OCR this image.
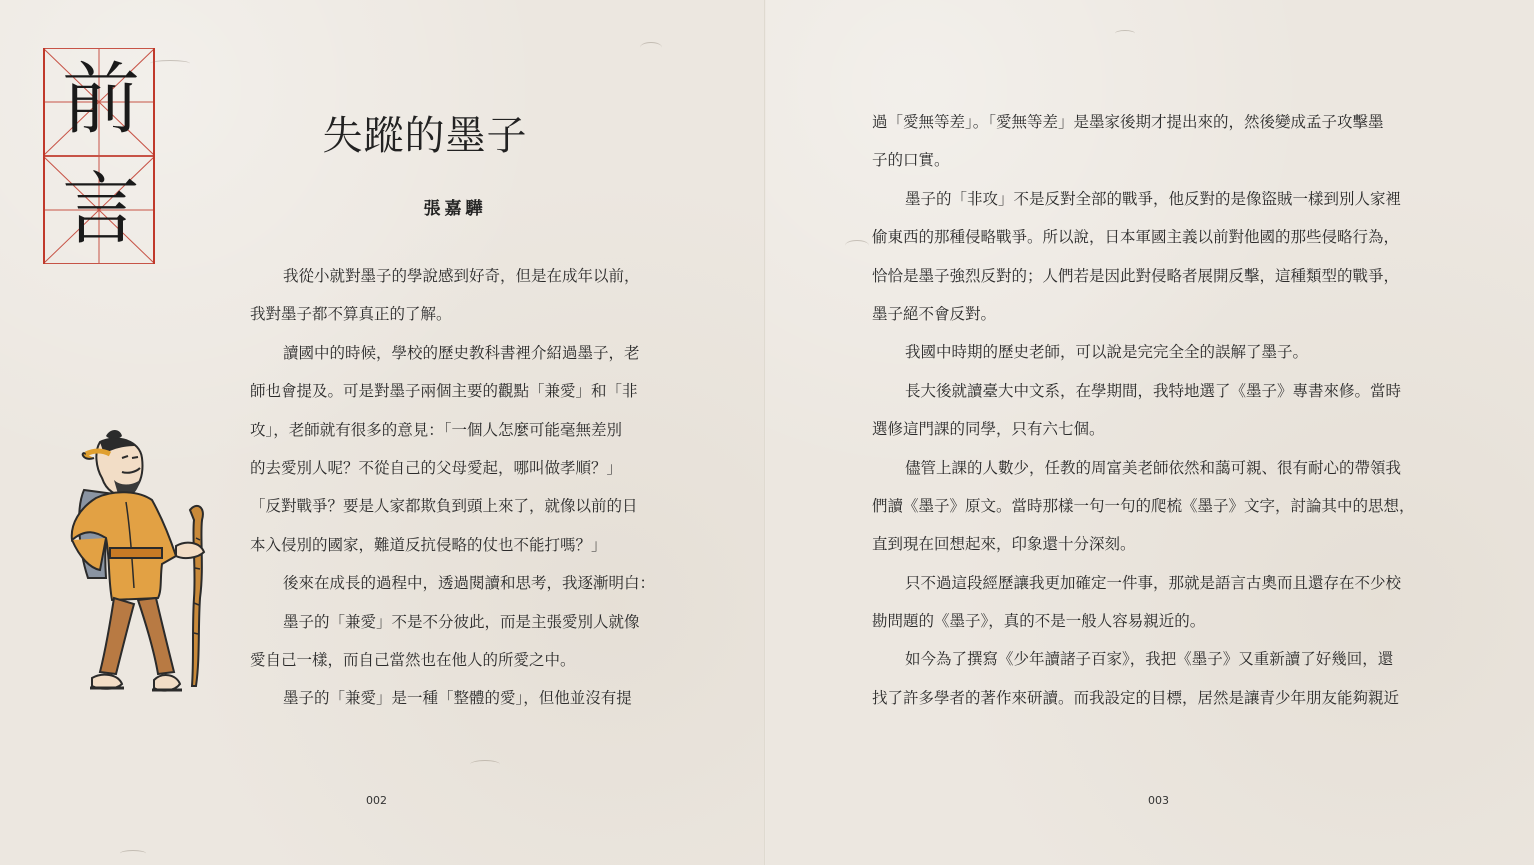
前
言
失蹤的墨子
張嘉驊
我從小就對墨子的學說感到好奇，但是在成年以前，
我對墨子都不算真正的了解。
讀國中的時候，學校的歷史教科書裡介紹過墨子，老
師也會提及。可是對墨子兩個主要的觀點「兼愛」和「非
攻」，老師就有很多的意見：「一個人怎麼可能毫無差別
的去愛別人呢？不從自己的父母愛起，哪叫做孝順？」
「反對戰爭？要是人家都欺負到頭上來了，就像以前的日
本入侵別的國家，難道反抗侵略的仗也不能打嗎？」
後來在成長的過程中，透過閱讀和思考，我逐漸明白：
墨子的「兼愛」不是不分彼此，而是主張愛別人就像
愛自己一樣，而自己當然也在他人的所愛之中。
墨子的「兼愛」是一種「整體的愛」，但他並沒有提
002	003
過「愛無等差」。「愛無等差」是墨家後期才提出來的，然後變成孟子攻擊墨
子的口實。
墨子的「非攻」不是反對全部的戰爭，他反對的是像盜賊一樣到別人家裡
偷東西的那種侵略戰爭。所以說，日本軍國主義以前對他國的那些侵略行為，
恰恰是墨子強烈反對的；人們若是因此對侵略者展開反擊，這種類型的戰爭，
墨子絕不會反對。
我國中時期的歷史老師，可以說是完完全全的誤解了墨子。
長大後就讀臺大中文系，在學期間，我特地選了《墨子》專書來修。當時
選修這門課的同學，只有六七個。
儘管上課的人數少，任教的周富美老師依然和藹可親、很有耐心的帶領我
們讀《墨子》原文。當時那樣一句一句的爬梳《墨子》文字，討論其中的思想，
直到現在回想起來，印象還十分深刻。
只不過這段經歷讓我更加確定一件事，那就是語言古奧而且還存在不少校
勘問題的《墨子》，真的不是一般人容易親近的。
如今為了撰寫《少年讀諸子百家》，我把《墨子》又重新讀了好幾回，還
找了許多學者的著作來研讀。而我設定的目標，居然是讓青少年朋友能夠親近
